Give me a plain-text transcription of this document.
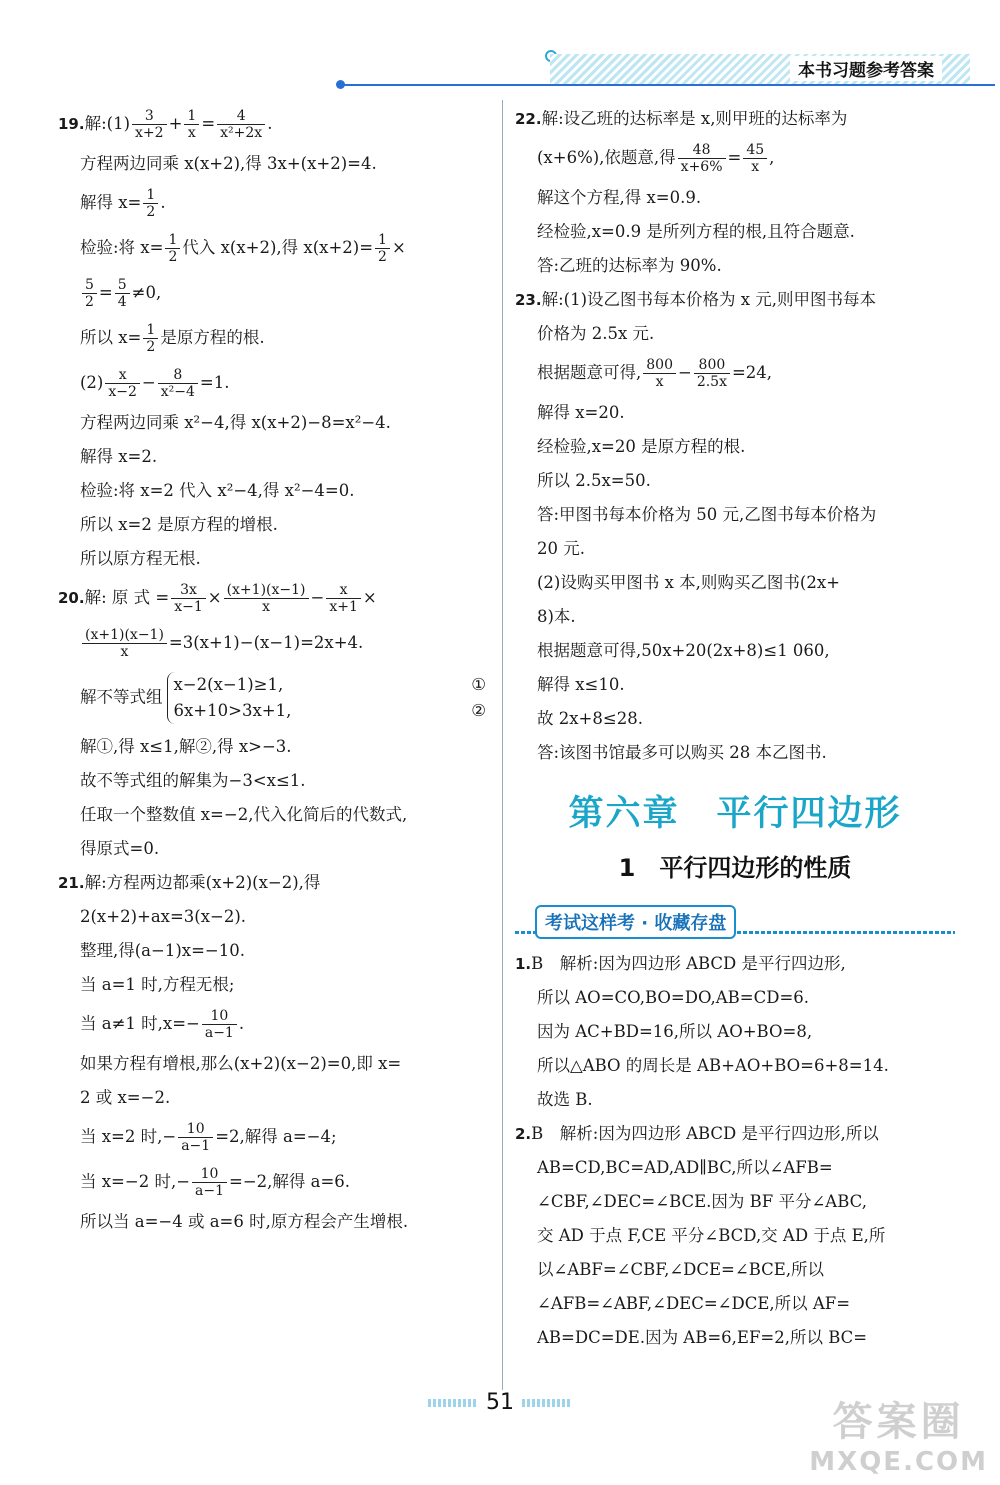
本书习题参考答案
19.解:(1) $\frac{3}{x+2} + \frac{1}{x} = \frac{4}{\text{x²+2x}}$ .
方程两边同乘 x(x+2),得 3x+(x+2)=4.
解得 $x= \frac{1}{2}$ .
检验:将 $x= \frac{1}{2}$ 代入 x(x+2),得 $x(x+2)= \frac{1}{2}$ ×
$\frac{5}{2} = \frac{5}{4} \ne 0$,
所以 $x= \frac{1}{2}$ 是原方程的根.
$(2) \frac{x}{x-2} - \frac{8}{\text{x²−4}} =1$.
方程两边同乘 x²−4,得 x(x+2)−8=x²−4.
解得 x=2.
检验:将 x=2 代入 x²−4,得 x²−4=0.
所以 x=2 是原方程的增根.
所以原方程无根.
20.解: 原 式 = $\frac{3x}{x-1} \times \frac{(x+1)(x-1)}{x} - \frac{x}{x+1}$ ×
$\frac{(x+1)(x-1)}{x} =3(x+1)-(x-1)=2x+4$.
解不等式组
x−2(x−1)≥1,
6x+10>3x+1,
①
②
解①,得 x≤1,解②,得 x>−3.
故不等式组的解集为−3<x≤1.
任取一个整数值 x=−2,代入化简后的代数式,
得原式=0.
21.解:方程两边都乘(x+2)(x−2),得
2(x+2)+ax=3(x−2).
整理,得(a−1)x=−10.
当 a=1 时,方程无根;
当 a≠1 时$,x=- \frac{10}{a-1}$ .
如果方程有增根,那么(x+2)(x−2)=0,即 x=
2 或 x=−2.
当 x=2 时,− $\frac{10}{a-1} =2$,解得 a=−4;
当 x=−2 时,− $\frac{10}{a-1} =-2$,解得 a=6.
所以当 a=−4 或 a=6 时,原方程会产生增根.
22.解:设乙班的达标率是 x,则甲班的达标率为
(x+6%),依题意,得 $\frac{48}{x+6\%} = \frac{45}{x}$ ,
解这个方程,得 x=0.9.
经检验,x=0.9 是所列方程的根,且符合题意.
答:乙班的达标率为 90%.
23.解:(1)设乙图书每本价格为 x 元,则甲图书每本
价格为 2.5x 元.
根据题意可得, $\frac{800}{x} - \frac{800}{2.5x} =24$,
解得 x=20.
经检验,x=20 是原方程的根.
所以 2.5x=50.
答:甲图书每本价格为 50 元,乙图书每本价格为
20 元.
(2)设购买甲图书 x 本,则购买乙图书(2x+
8)本.
根据题意可得,50x+20(2x+8)≤1 060,
解得 x≤10.
故 2x+8≤28.
答:该图书馆最多可以购买 28 本乙图书.
第六章　平行四边形
1　平行四边形的性质
考试这样考 · 收藏存盘
1.B　解析:因为四边形 ABCD 是平行四边形,
所以 AO=CO,BO=DO,AB=CD=6.
因为 AC+BD=16,所以 AO+BO=8,
所以△ABO 的周长是 AB+AO+BO=6+8=14.
故选 B.
2.B　解析:因为四边形 ABCD 是平行四边形,所以
AB=CD,BC=AD,AD∥BC,所以∠AFB=
∠CBF,∠DEC=∠BCE.因为 BF 平分∠ABC,
交 AD 于点 F,CE 平分∠BCD,交 AD 于点 E,所
以∠ABF=∠CBF,∠DCE=∠BCE,所以
∠AFB=∠ABF,∠DEC=∠DCE,所以 AF=
AB=DC=DE.因为 AB=6,EF=2,所以 BC=
51	答案圈
MXQE.COM
